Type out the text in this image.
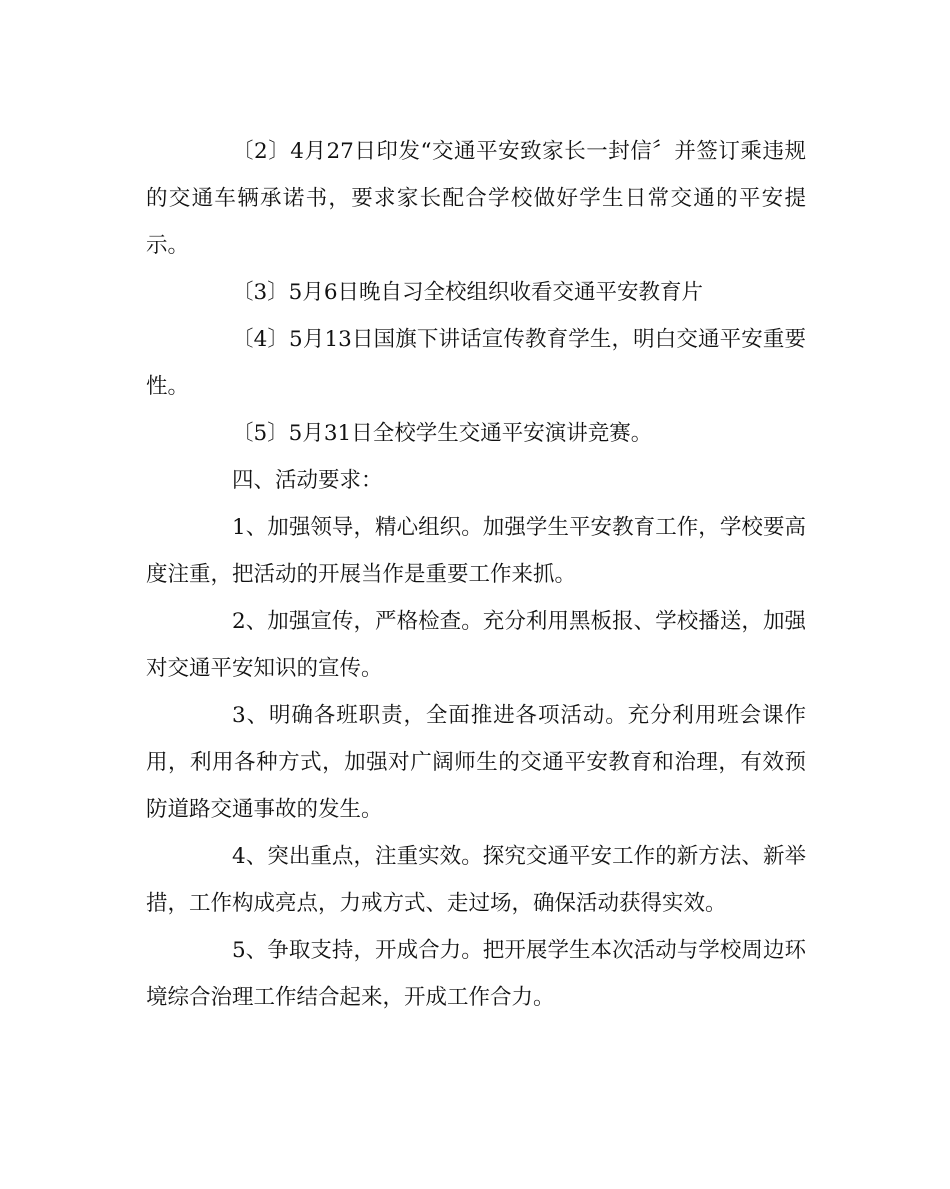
〔2〕4月27日印发“交通平安致家长一封信〞并签订乘违规的交通车辆承诺书，要求家长配合学校做好学生日常交通的平安提示。

〔3〕5月6日晚自习全校组织收看交通平安教育片

〔4〕5月13日国旗下讲话宣传教育学生，明白交通平安重要性。

〔5〕5月31日全校学生交通平安演讲竞赛。

四、活动要求：

1、加强领导，精心组织。加强学生平安教育工作，学校要高度注重，把活动的开展当作是重要工作来抓。

2、加强宣传，严格检查。充分利用黑板报、学校播送，加强对交通平安知识的宣传。

3、明确各班职责，全面推进各项活动。充分利用班会课作用，利用各种方式，加强对广阔师生的交通平安教育和治理，有效预防道路交通事故的发生。

4、突出重点，注重实效。探究交通平安工作的新方法、新举措，工作构成亮点，力戒方式、走过场，确保活动获得实效。

5、争取支持，开成合力。把开展学生本次活动与学校周边环境综合治理工作结合起来，开成工作合力。
